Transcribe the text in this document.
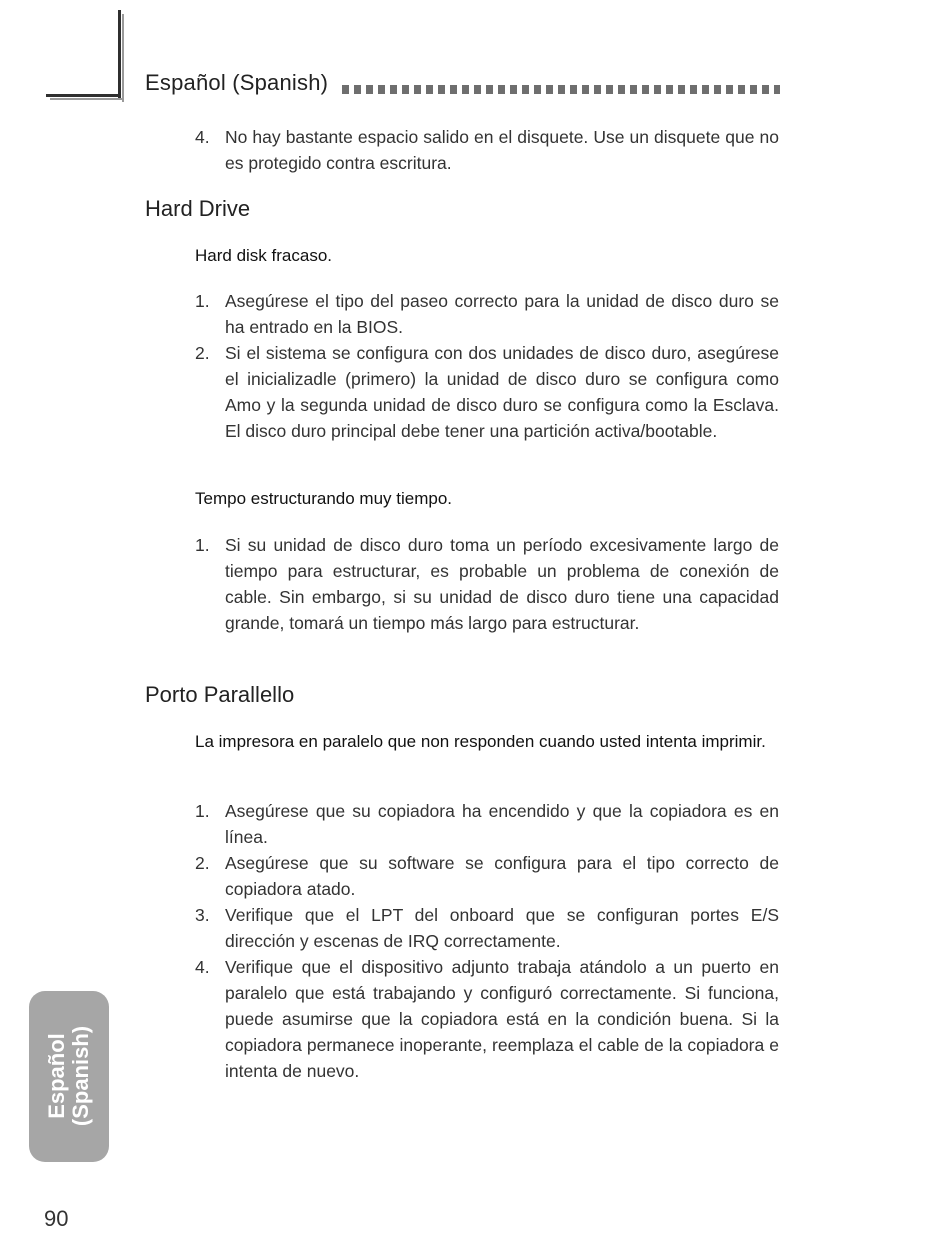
Español (Spanish)
4. No hay bastante espacio salido en el disquete. Use un disquete que no es protegido contra escritura.
Hard Drive
Hard disk fracaso.
1. Asegúrese el tipo del paseo correcto para la unidad de disco duro se ha entrado en la BIOS.
2. Si el sistema se configura con dos unidades de disco duro, asegúrese el inicializadle (primero) la unidad de disco duro se configura como Amo y la segunda unidad de disco duro se configura como la Esclava. El disco duro principal debe tener una partición activa/bootable.
Tempo estructurando muy tiempo.
1. Si su unidad de disco duro toma un período excesivamente largo de tiempo para estructurar, es probable un problema de conexión de cable. Sin embargo, si su unidad de disco duro tiene una capacidad grande, tomará un tiempo más largo para estructurar.
Porto Parallello
La impresora en paralelo que non responden cuando usted intenta imprimir.
1. Asegúrese que su copiadora ha encendido y que la copiadora es en línea.
2. Asegúrese que su software se configura para el tipo correcto de copiadora atado.
3. Verifique que el LPT del onboard que se configuran portes E/S dirección y escenas de IRQ correctamente.
4. Verifique que el dispositivo adjunto trabaja atándolo a un puerto en paralelo que está trabajando y configuró correctamente. Si funciona, puede asumirse que la copiadora está en la condición buena. Si la copiadora permanece inoperante, reemplaza el cable de la copiadora e intenta de nuevo.
Español (Spanish)
90
